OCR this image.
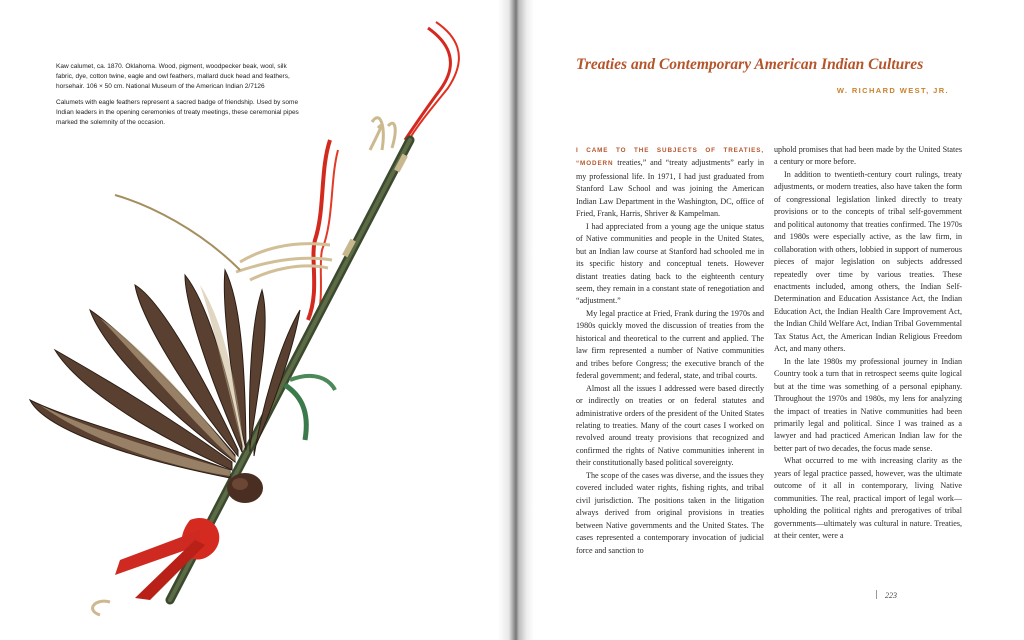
Kaw calumet, ca. 1870. Oklahoma. Wood, pigment, woodpecker beak, wool, silk fabric, dye, cotton twine, eagle and owl feathers, mallard duck head and feathers, horsehair. 106 × 50 cm. National Museum of the American Indian 2/7126

Calumets with eagle feathers represent a sacred badge of friendship. Used by some Indian leaders in the opening ceremonies of treaty meetings, these ceremonial pipes marked the solemnity of the occasion.

Treaties and Contemporary American Indian Cultures
W. RICHARD WEST, JR.

I CAME TO THE SUBJECTS OF TREATIES, “MODERN treaties,” and “treaty adjustments” early in my professional life. In 1971, I had just graduated from Stanford Law School and was joining the American Indian Law Department in the Washington, DC, office of Fried, Frank, Harris, Shriver & Kampelman.

I had appreciated from a young age the unique status of Native communities and people in the United States, but an Indian law course at Stanford had schooled me in its specific history and conceptual tenets. However distant treaties dating back to the eighteenth century seem, they remain in a constant state of renegotiation and “adjustment.”

My legal practice at Fried, Frank during the 1970s and 1980s quickly moved the discussion of treaties from the historical and theoretical to the current and applied. The law firm represented a number of Native communities and tribes before Congress; the executive branch of the federal government; and federal, state, and tribal courts.

Almost all the issues I addressed were based directly or indirectly on treaties or on federal statutes and administrative orders of the president of the United States relating to treaties. Many of the court cases I worked on revolved around treaty provisions that recognized and confirmed the rights of Native communities inherent in their constitutionally based political sovereignty.

The scope of the cases was diverse, and the issues they covered included water rights, fishing rights, and tribal civil jurisdiction. The positions taken in the litigation always derived from original provisions in treaties between Native governments and the United States. The cases represented a contemporary invocation of judicial force and sanction to

uphold promises that had been made by the United States a century or more before.

In addition to twentieth-century court rulings, treaty adjustments, or modern treaties, also have taken the form of congressional legislation linked directly to treaty provisions or to the concepts of tribal self-government and political autonomy that treaties confirmed. The 1970s and 1980s were especially active, as the law firm, in collaboration with others, lobbied in support of numerous pieces of major legislation on subjects addressed repeatedly over time by various treaties. These enactments included, among others, the Indian Self-Determination and Education Assistance Act, the Indian Education Act, the Indian Health Care Improvement Act, the Indian Child Welfare Act, Indian Tribal Governmental Tax Status Act, the American Indian Religious Freedom Act, and many others.

In the late 1980s my professional journey in Indian Country took a turn that in retrospect seems quite logical but at the time was something of a personal epiphany. Throughout the 1970s and 1980s, my lens for analyzing the impact of treaties in Native communities had been primarily legal and political. Since I was trained as a lawyer and had practiced American Indian law for the better part of two decades, the focus made sense.

What occurred to me with increasing clarity as the years of legal practice passed, however, was the ultimate outcome of it all in contemporary, living Native communities. The real, practical import of legal work—upholding the political rights and prerogatives of tribal governments—ultimately was cultural in nature. Treaties, at their center, were a

223
